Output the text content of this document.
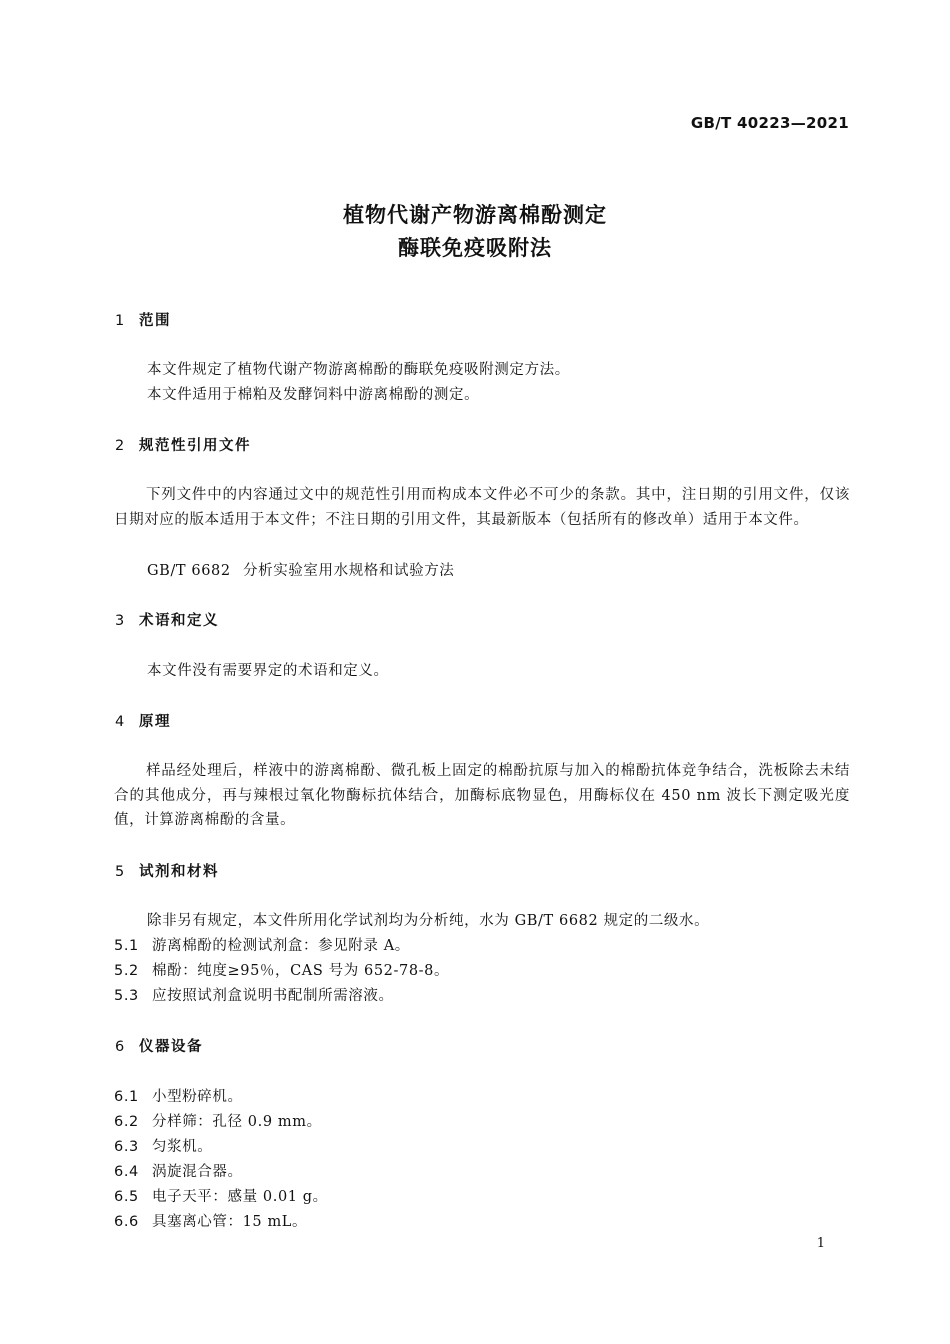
GB/T 40223—2021
植物代谢产物游离棉酚测定
酶联免疫吸附法
1 范围
本文件规定了植物代谢产物游离棉酚的酶联免疫吸附测定方法。
本文件适用于棉粕及发酵饲料中游离棉酚的测定。
2 规范性引用文件
下列文件中的内容通过文中的规范性引用而构成本文件必不可少的条款。其中，注日期的引用文件，仅该日期对应的版本适用于本文件；不注日期的引用文件，其最新版本（包括所有的修改单）适用于本文件。
GB/T 6682 分析实验室用水规格和试验方法
3 术语和定义
本文件没有需要界定的术语和定义。
4 原理
样品经处理后，样液中的游离棉酚、微孔板上固定的棉酚抗原与加入的棉酚抗体竞争结合，洗板除去未结合的其他成分，再与辣根过氧化物酶标抗体结合，加酶标底物显色，用酶标仪在 450 nm 波长下测定吸光度值，计算游离棉酚的含量。
5 试剂和材料
除非另有规定，本文件所用化学试剂均为分析纯，水为 GB/T 6682 规定的二级水。
5.1 游离棉酚的检测试剂盒：参见附录 A。
5.2 棉酚：纯度≥95％，CAS 号为 652-78-8。
5.3 应按照试剂盒说明书配制所需溶液。
6 仪器设备
6.1 小型粉碎机。
6.2 分样筛：孔径 0.9 mm。
6.3 匀浆机。
6.4 涡旋混合器。
6.5 电子天平：感量 0.01 g。
6.6 具塞离心管：15 mL。
1
